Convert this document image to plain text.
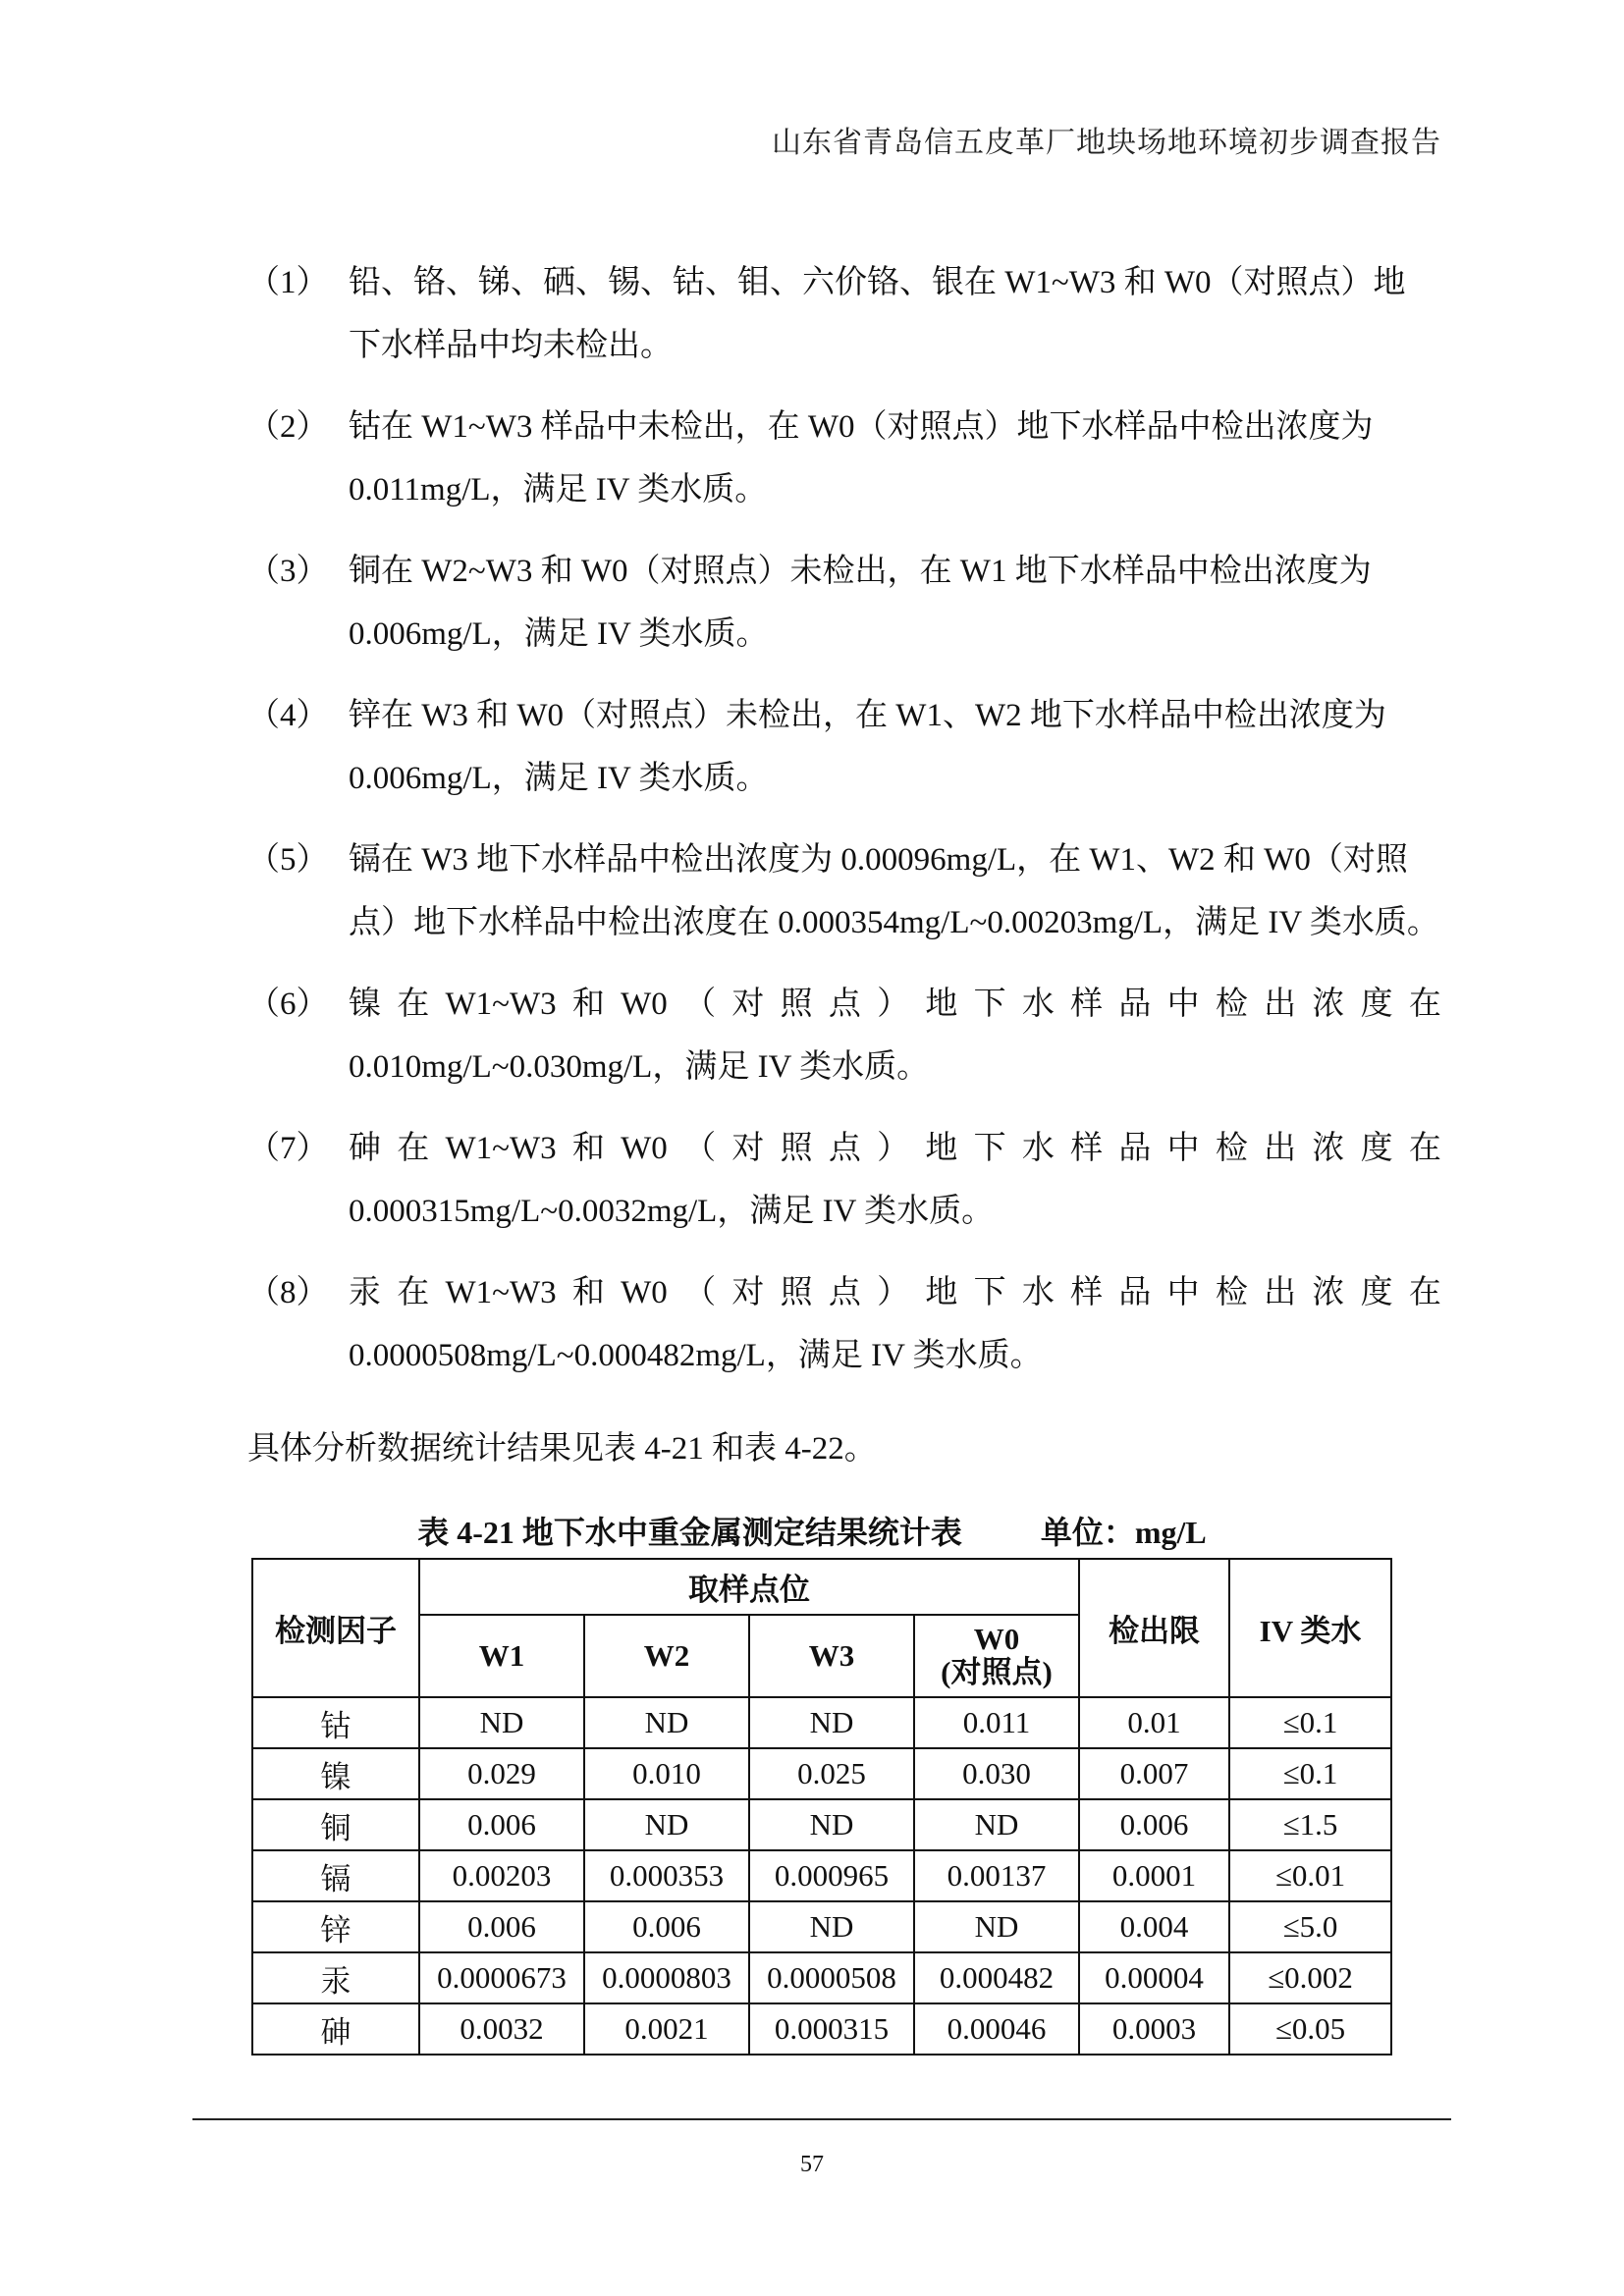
山东省青岛信五皮革厂地块场地环境初步调查报告
（1） 铅、铬、锑、硒、锡、钴、钼、六价铬、银在 W1~W3 和 W0（对照点）地
下水样品中均未检出。
（2） 钴在 W1~W3 样品中未检出，在 W0（对照点）地下水样品中检出浓度为
0.011mg/L，满足 IV 类水质。
（3） 铜在 W2~W3 和 W0（对照点）未检出，在 W1 地下水样品中检出浓度为
0.006mg/L，满足 IV 类水质。
（4） 锌在 W3 和 W0（对照点）未检出，在 W1、W2 地下水样品中检出浓度为
0.006mg/L，满足 IV 类水质。
（5） 镉在 W3 地下水样品中检出浓度为 0.00096mg/L，在 W1、W2 和 W0（对照
点）地下水样品中检出浓度在 0.000354mg/L~0.00203mg/L，满足 IV 类水质。
（6） 镍 在 W1~W3 和 W0 （ 对 照 点 ） 地 下 水 样 品 中 检 出 浓 度 在
0.010mg/L~0.030mg/L，满足 IV 类水质。
（7） 砷 在 W1~W3 和 W0 （ 对 照 点 ） 地 下 水 样 品 中 检 出 浓 度 在
0.000315mg/L~0.0032mg/L，满足 IV 类水质。
（8） 汞 在 W1~W3 和 W0 （ 对 照 点 ） 地 下 水 样 品 中 检 出 浓 度 在
0.0000508mg/L~0.000482mg/L，满足 IV 类水质。
具体分析数据统计结果见表 4-21 和表 4-22。
表 4-21 地下水中重金属测定结果统计表	单位：mg/L
检测因子	取样点位				检出限	IV 类水
	W1	W2	W3	W0
(对照点)		

钴	ND	ND	ND	0.011	0.01	≤0.1
镍	0.029	0.010	0.025	0.030	0.007	≤0.1
铜	0.006	ND	ND	ND	0.006	≤1.5
镉	0.00203	0.000353	0.000965	0.00137	0.0001	≤0.01
锌	0.006	0.006	ND	ND	0.004	≤5.0
汞	0.0000673	0.0000803	0.0000508	0.000482	0.00004	≤0.002
砷	0.0032	0.0021	0.000315	0.00046	0.0003	≤0.05
57
